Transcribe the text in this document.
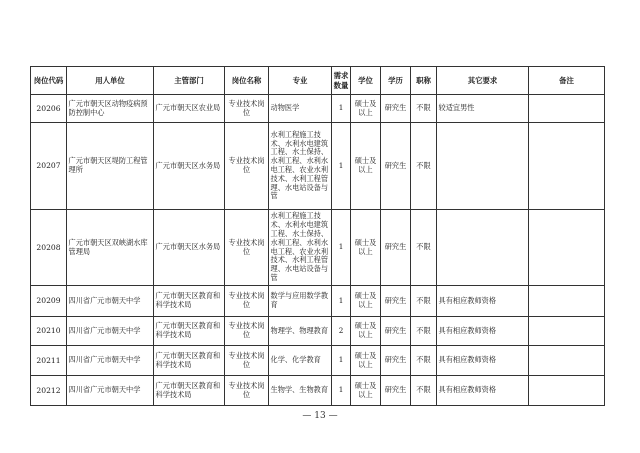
岗位代码	用人单位	主管部门	岗位名称	专业	需求数量	学位	学历	职称	其它要求	备注
20206	广元市朝天区动物疫病预防控制中心	广元市朝天区农业局	专业技术岗位	动物医学	1	硕士及以上	研究生	不限	较适宜男性	
20207	广元市朝天区堤防工程管理所	广元市朝天区水务局	专业技术岗位	水利工程施工技术、水利水电建筑工程、水土保持、水利工程、水利水电工程、农业水利技术、水利工程管理、水电站设备与管	1	硕士及以上	研究生	不限		
20208	广元市朝天区双峡湖水库管理局	广元市朝天区水务局	专业技术岗位	水利工程施工技术、水利水电建筑工程、水土保持、水利工程、水利水电工程、农业水利技术、水利工程管理、水电站设备与管	1	硕士及以上	研究生	不限		
20209	四川省广元市朝天中学	广元市朝天区教育和科学技术局	专业技术岗位	数学与应用数学教育	1	硕士及以上	研究生	不限	具有相应教师资格	
20210	四川省广元市朝天中学	广元市朝天区教育和科学技术局	专业技术岗位	物理学、物理教育	2	硕士及以上	研究生	不限	具有相应教师资格	
20211	四川省广元市朝天中学	广元市朝天区教育和科学技术局	专业技术岗位	化学、化学教育	1	硕士及以上	研究生	不限	具有相应教师资格	
20212	四川省广元市朝天中学	广元市朝天区教育和科学技术局	专业技术岗位	生物学、生物教育	1	硕士及以上	研究生	不限	具有相应教师资格	
— 13 —
